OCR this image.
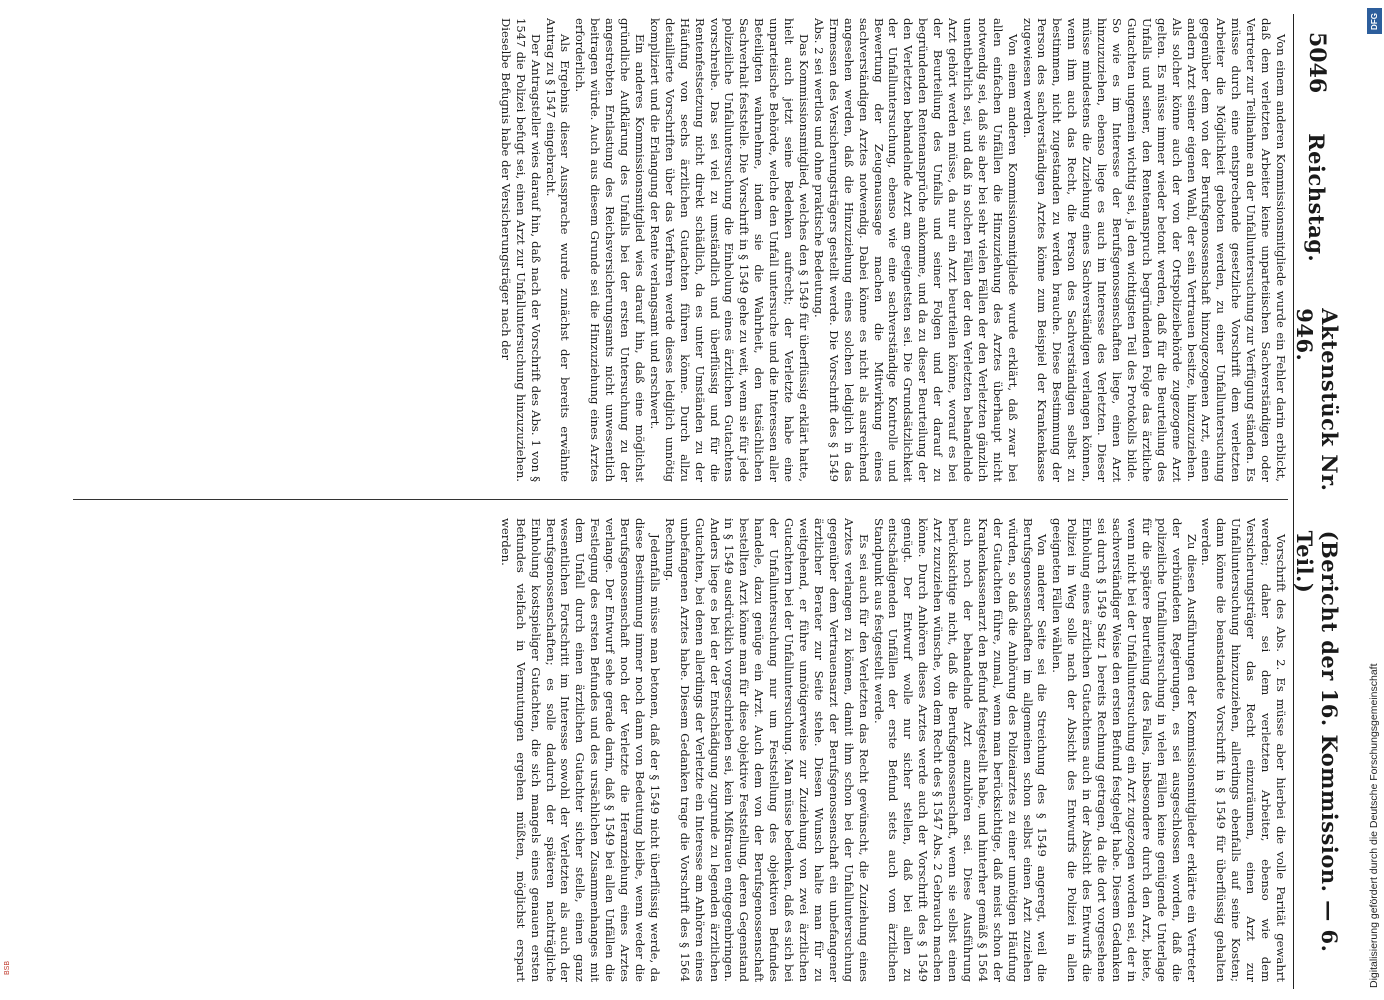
5046
Reichstag.
Aktenstück Nr. 946.
(Bericht der 16. Kommission. — 6. Teil.)

Von einem anderen Kommissionsmitgliede wurde ein Fehler darin erblickt, daß dem verletzten Arbeiter keine unparteiischen Sachverständigen oder Vertreter zur Teilnahme an der Unfalluntersuchung zur Verfügung ständen. Es müsse durch eine entsprechende gesetzliche Vorschrift dem verletzten Arbeiter die Möglichkeit geboten werden, zu einer Unfalluntersuchung gegenüber dem von der Berufsgenossenschaft hinzugezogenen Arzt, einen andern Arzt seiner eigenen Wahl, der sein Vertrauen besitze, hinzuzuziehen. Als solcher könne auch der von der Ortspolizeibehörde zugezogene Arzt gelten. Es müsse immer wieder betont werden, daß für die Beurteilung des Unfalls und seiner, den Rentenanspruch begründenden Folge das ärztliche Gutachten ungemein wichtig sei, ja den wichtigsten Teil des Protokolls bilde. So wie es im Interesse der Berufsgenossenschaften liege, einen Arzt hinzuzuziehen, ebenso liege es auch im Interesse des Verletzten. Dieser müsse mindestens die Zuziehung eines Sachverständigen verlangen können, wenn ihm auch das Recht, die Person des Sachverständigen selbst zu bestimmen, nicht zugestanden zu werden brauche. Diese Bestimmung der Person des sachverständigen Arztes könne zum Beispiel der Krankenkasse zugewiesen werden.

Von einem anderen Kommissionsmitgliede wurde erklärt, daß zwar bei allen einfachen Unfällen die Hinzuziehung des Arztes überhaupt nicht notwendig sei, daß sie aber bei sehr vielen Fällen der den Verletzten gänzlich unentbehrlich sei, und daß in solchen Fällen der den Verletzten behandelnde Arzt gehört werden müsse, da nur ein Arzt beurteilen könne, worauf es bei der Beurteilung des Unfalls und seiner Folgen und der darauf zu begründenden Rentenansprüche ankomme, und da zu dieser Beurteilung der den Verletzten behandelnde Arzt am geeignetsten sei. Die Grundsätzlichkeit der Unfalluntersuchung, ebenso wie eine sachverständige Kontrolle und Bewertung der Zeugenaussage machen die Mitwirkung eines sachverständigen Arztes notwendig. Dabei könne es nicht als ausreichend angesehen werden, daß die Hinzuziehung eines solchen lediglich in das Ermessen des Versicherungsträgers gestellt werde. Die Vorschrift des § 1549 Abs. 2 sei wertlos und ohne praktische Bedeutung.

Das Kommissionsmitglied, welches den § 1549 für überflüssig erklärt hatte, hielt auch jetzt seine Bedenken aufrecht; der Verletzte habe eine unparteiische Behörde, welche den Unfall untersuche und die Interessen aller Beteiligten wahrnehme, indem sie die Wahrheit, den tatsächlichen Sachverhalt feststelle. Die Vorschrift in § 1549 gehe zu weit, wenn sie für jede polizeiliche Unfalluntersuchung die Einholung eines ärztlichen Gutachtens vorschreibe. Das sei viel zu umständlich und überflüssig und für die Rentenfestsetzung nicht direkt schädlich, da es unter Umständen zu der Häufung von sechs ärztlichen Gutachten führen könne. Durch allzu detaillierte Vorschriften über das Verfahren werde dieses lediglich unnötig kompliziert und die Erlangung der Rente verlangsamt und erschwert.

Ein anderes Kommissionsmitglied wies darauf hin, daß eine möglichst gründliche Aufklärung des Unfalls bei der ersten Untersuchung zu der angestrebten Entlastung des Reichsversicherungsamts nicht unwesentlich beitragen würde. Auch aus diesem Grunde sei die Hinzuziehung eines Arztes erforderlich.

Als Ergebnis dieser Aussprache wurde zunächst der bereits erwähnte Antrag zu § 1547 eingebracht.

Der Antragsteller wies darauf hin, daß nach der Vorschrift des Abs. 1 von § 1547 die Polizei befugt sei, einen Arzt zur Unfalluntersuchung hinzuzuziehen. Dieselbe Befugnis habe der Versicherungsträger nach der

Vorschrift des Abs. 2. Es müsse aber hierbei die volle Parität gewahrt werden; daher sei dem verletzten Arbeiter, ebenso wie dem Versicherungsträger das Recht einzuräumen, einen Arzt zur Unfalluntersuchung hinzuzuziehen, allerdings ebenfalls auf seine Kosten; dann könne die beanstandete Vorschrift in § 1549 für überflüssig gehalten werden.

Zu diesen Ausführungen der Kommissionsmitglieder erklärte ein Vertreter der verbündeten Regierungen, es sei ausgeschlossen worden, daß die polizeiliche Unfalluntersuchung in vielen Fällen keine genügende Unterlage für die spätere Beurteilung des Falles, insbesondere durch den Arzt, biete, wenn nicht bei der Unfalluntersuchung ein Arzt zugezogen worden sei, der in sachverständiger Weise den ersten Befund festgelegt habe. Diesem Gedanken sei durch § 1549 Satz 1 bereits Rechnung getragen, da die dort vorgesehene Einholung eines ärztlichen Gutachtens auch in der Absicht des Entwurfs die Polizei in Weg solle nach der Absicht des Entwurfs die Polizei in allen geeigneten Fällen wählen.

Von anderer Seite sei die Streichung des § 1549 angeregt, weil die Berufsgenossenschaften im allgemeinen schon selbst einen Arzt zuziehen würden, so daß die Anhörung des Polizeiarztes zu einer unnötigen Häufung der Gutachten führe, zumal, wenn man berücksichtige, daß meist schon der Krankenkassenarzt den Befund festgestellt habe, und hinterher gemäß § 1564 auch noch der behandelnde Arzt anzuhören sei. Diese Ausführung berücksichtige nicht, daß die Berufsgenossenschaft, wenn sie selbst einen Arzt zuzuziehen wünsche, von dem Recht des § 1547 Abs. 2 Gebrauch machen könne. Durch Anhören dieses Arztes werde auch der Vorschrift des § 1549 genügt. Der Entwurf wolle nur sicher stellen, daß bei allen zu entschädigenden Unfällen der erste Befund stets auch vom ärztlichen Standpunkt aus festgestellt werde.

Es sei auch für den Verletzten das Recht gewünscht, die Zuziehung eines Arztes verlangen zu können, damit ihm schon bei der Unfalluntersuchung gegenüber dem Vertrauensarzt der Berufsgenossenschaft ein unbefangener ärztlicher Berater zur Seite stehe. Diesen Wunsch halte man für zu weitgehend, er führe unnötigerweise zur Zuziehung von zwei ärztlichen Gutachtern bei der Unfalluntersuchung. Man müsse bedenken, daß es sich bei der Unfalluntersuchung nur um Feststellung des objektiven Befundes handele, dazu genüge ein Arzt. Auch dem von der Berufsgenossenschaft bestellten Arzt könne man für diese objektive Feststellung, deren Gegenstand in § 1549 ausdrücklich vorgeschrieben sei, kein Mißtrauen entgegenbringen. Anders liege es bei der der Entschädigung zugrunde zu legenden ärztlichen Gutachten, bei denen allerdings der Verletzte ein Interesse am Anhören eines unbefangenen Arztes habe. Diesem Gedanken trage die Vorschrift des § 1564 Rechnung.

Jedenfalls müsse man betonen, daß der § 1549 nicht überflüssig werde, da diese Bestimmung immer noch dann von Bedeutung bleibe, wenn weder die Berufsgenossenschaft noch der Verletzte die Heranziehung eines Arztes verlange. Der Entwurf sehe gerade darin, daß § 1549 bei allen Unfällen die Festlegung des ersten Befundes und des ursächlichen Zusammenhanges mit dem Unfall durch einen ärztlichen Gutachter sicher stelle, einen ganz wesentlichen Fortschritt im Interesse sowohl der Verletzten als auch der Berufsgenossenschaften; es solle dadurch der späteren nachträgliche Einholung kostspieliger Gutachten, die sich mangels eines genauen ersten Befundes vielfach in Vermutungen ergehen müßten, möglichst erspart werden.

DFG
Digitalisierung gefördert durch die Deutsche Forschungsgemeinschaft
BSB
